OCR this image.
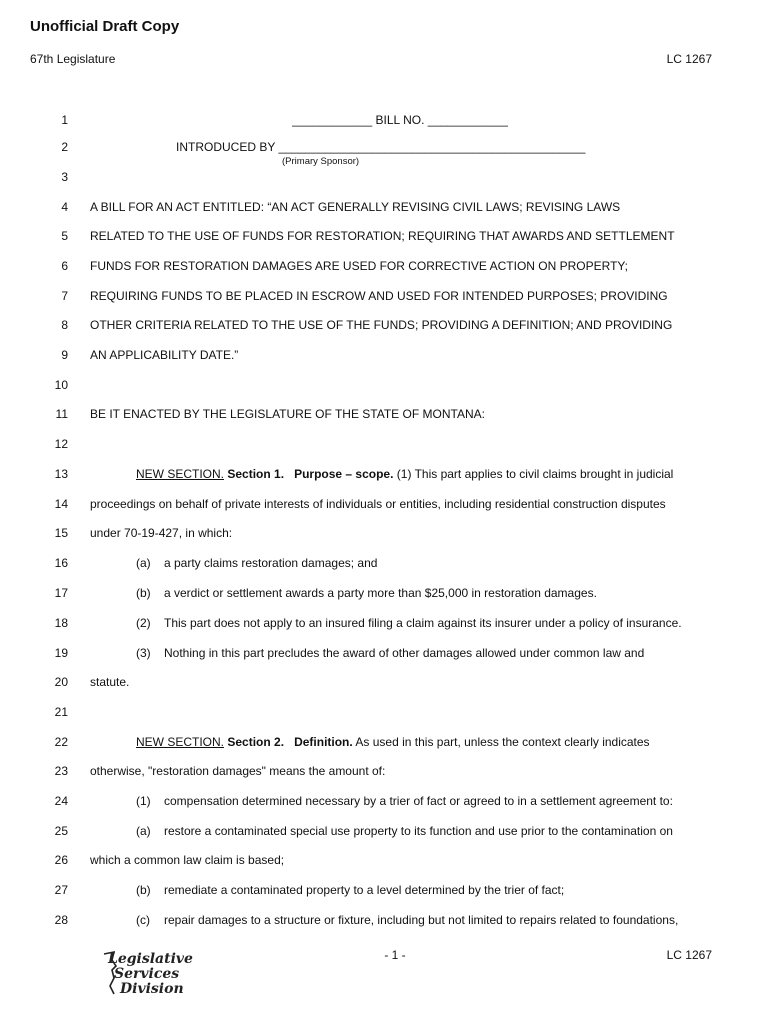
Unofficial Draft Copy
67th Legislature	LC 1267
1	____________ BILL NO. ____________
2	INTRODUCED BY ______________________________________________
(Primary Sponsor)
3
4 A BILL FOR AN ACT ENTITLED: “AN ACT GENERALLY REVISING CIVIL LAWS; REVISING LAWS
5 RELATED TO THE USE OF FUNDS FOR RESTORATION; REQUIRING THAT AWARDS AND SETTLEMENT
6 FUNDS FOR RESTORATION DAMAGES ARE USED FOR CORRECTIVE ACTION ON PROPERTY;
7 REQUIRING FUNDS TO BE PLACED IN ESCROW AND USED FOR INTENDED PURPOSES; PROVIDING
8 OTHER CRITERIA RELATED TO THE USE OF THE FUNDS; PROVIDING A DEFINITION; AND PROVIDING
9 AN APPLICABILITY DATE.”
10
11 BE IT ENACTED BY THE LEGISLATURE OF THE STATE OF MONTANA:
12
13	NEW SECTION. Section 1. Purpose – scope. (1) This part applies to civil claims brought in judicial
14 proceedings on behalf of private interests of individuals or entities, including residential construction disputes
15 under 70-19-427, in which:
16	(a) a party claims restoration damages; and
17	(b) a verdict or settlement awards a party more than $25,000 in restoration damages.
18	(2) This part does not apply to an insured filing a claim against its insurer under a policy of insurance.
19	(3) Nothing in this part precludes the award of other damages allowed under common law and
20 statute.
21
22	NEW SECTION. Section 2. Definition. As used in this part, unless the context clearly indicates
23 otherwise, "restoration damages" means the amount of:
24	(1) compensation determined necessary by a trier of fact or agreed to in a settlement agreement to:
25	(a) restore a contaminated special use property to its function and use prior to the contamination on
26 which a common law claim is based;
27	(b) remediate a contaminated property to a level determined by the trier of fact;
28	(c) repair damages to a structure or fixture, including but not limited to repairs related to foundations,
Legislative
Services
Division
- 1 -	LC 1267
